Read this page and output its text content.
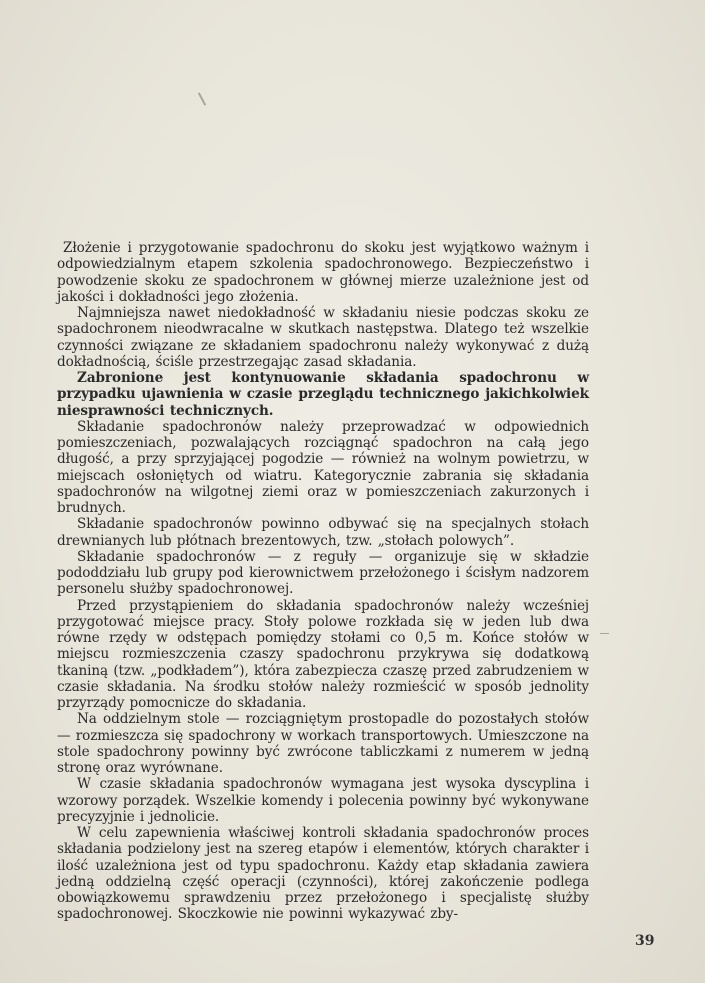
Złożenie i przygotowanie spadochronu do skoku jest wyjątkowo ważnym i odpowiedzialnym etapem szkolenia spadochronowego. Bezpieczeństwo i powodzenie skoku ze spadochronem w głównej mierze uzależnione jest od jakości i dokładności jego złożenia.

Najmniejsza nawet niedokładność w składaniu niesie podczas skoku ze spadochronem nieodwracalne w skutkach następstwa. Dlatego też wszelkie czynności związane ze składaniem spadochronu należy wykonywać z dużą dokładnością, ściśle przestrzegając zasad składania.

Zabronione jest kontynuowanie składania spadochronu w przypadku ujawnienia w czasie przeglądu technicznego jakichkolwiek niesprawności technicznych.

Składanie spadochronów należy przeprowadzać w odpowiednich pomieszczeniach, pozwalających rozciągnąć spadochron na całą jego długość, a przy sprzyjającej pogodzie — również na wolnym powietrzu, w miejscach osłoniętych od wiatru. Kategorycznie zabrania się składania spadochronów na wilgotnej ziemi oraz w pomieszczeniach zakurzonych i brudnych.

Składanie spadochronów powinno odbywać się na specjalnych stołach drewnianych lub płótnach brezentowych, tzw. „stołach polowych”.

Składanie spadochronów — z reguły — organizuje się w składzie pododdziału lub grupy pod kierownictwem przełożonego i ścisłym nadzorem personelu służby spadochronowej.

Przed przystąpieniem do składania spadochronów należy wcześniej przygotować miejsce pracy. Stoły polowe rozkłada się w jeden lub dwa równe rzędy w odstępach pomiędzy stołami co 0,5 m. Końce stołów w miejscu rozmieszczenia czaszy spadochronu przykrywa się dodatkową tkaniną (tzw. „podkładem”), która zabezpiecza czaszę przed zabrudzeniem w czasie składania. Na środku stołów należy rozmieścić w sposób jednolity przyrządy pomocnicze do składania.

Na oddzielnym stole — rozciągniętym prostopadle do pozostałych stołów — rozmieszcza się spadochrony w workach transportowych. Umieszczone na stole spadochrony powinny być zwrócone tabliczkami z numerem w jedną stronę oraz wyrównane.

W czasie składania spadochronów wymagana jest wysoka dyscyplina i wzorowy porządek. Wszelkie komendy i polecenia powinny być wykonywane precyzyjnie i jednolicie.

W celu zapewnienia właściwej kontroli składania spadochronów proces składania podzielony jest na szereg etapów i elementów, których charakter i ilość uzależniona jest od typu spadochronu. Każdy etap składania zawiera jedną oddzielną część operacji (czynności), której zakończenie podlega obowiązkowemu sprawdzeniu przez przełożonego i specjalistę służby spadochronowej. Skoczkowie nie powinni wykazywać zby-

39
